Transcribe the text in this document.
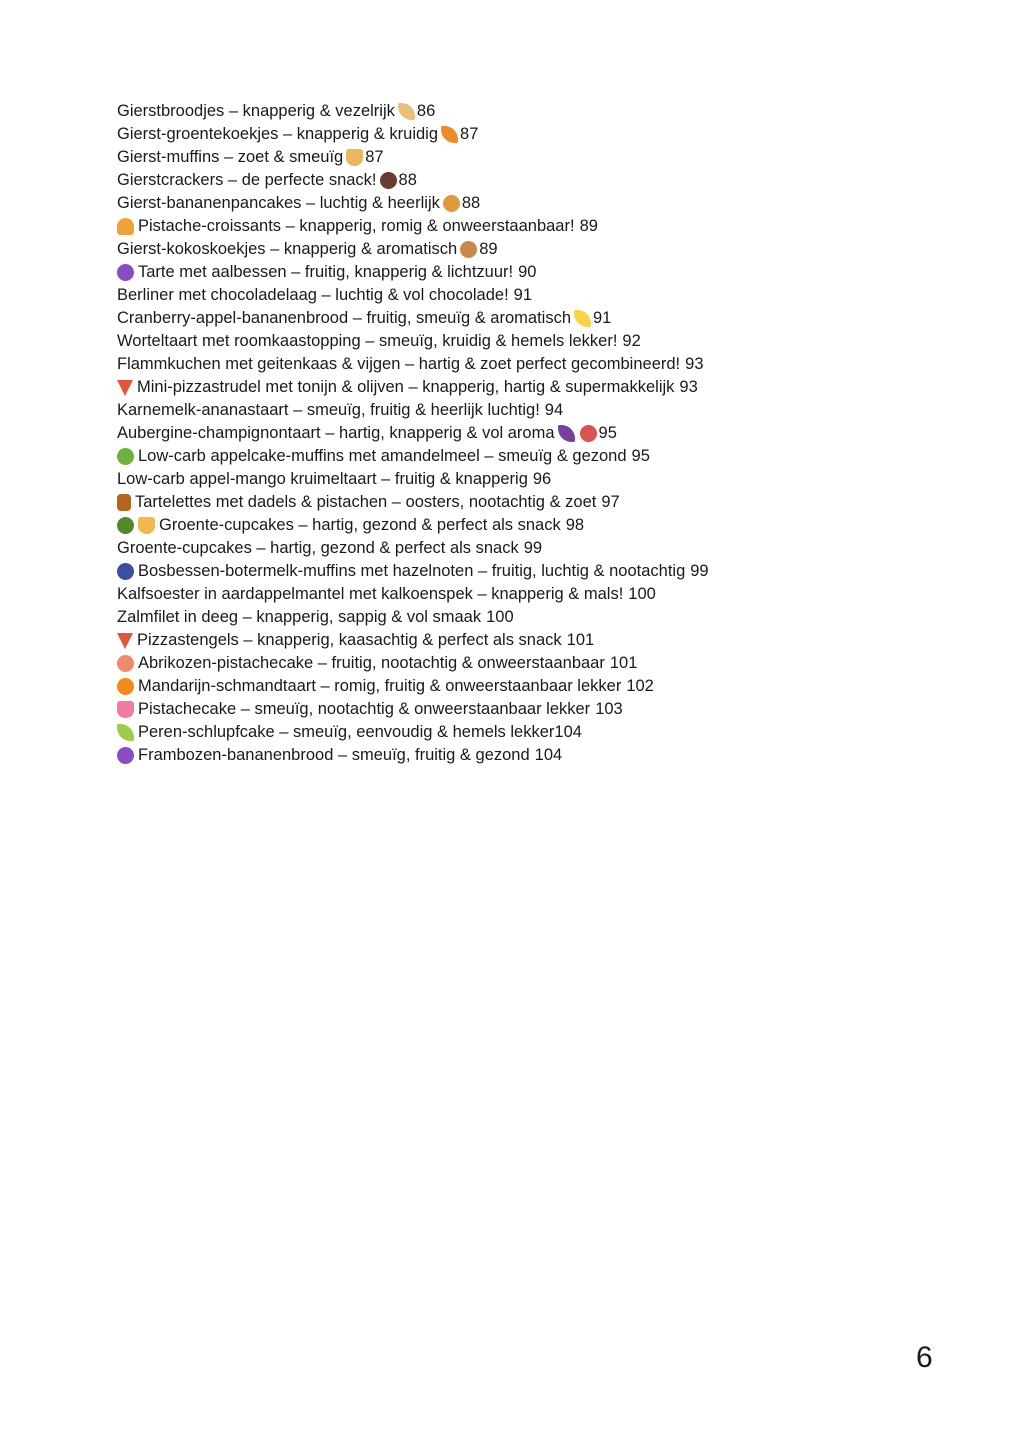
Gierstbroodjes – knapperig & vezelrijk 86
Gierst-groentekoekjes – knapperig & kruidig 87
Gierst-muffins – zoet & smeuïg 87
Gierstcrackers – de perfecte snack! 88
Gierst-bananenpancakes – luchtig & heerlijk 88
Pistache-croissants – knapperig, romig & onweerstaanbaar! 89
Gierst-kokoskoekjes – knapperig & aromatisch 89
Tarte met aalbessen – fruitig, knapperig & lichtzuur! 90
Berliner met chocoladelaag – luchtig & vol chocolade! 91
Cranberry-appel-bananenbrood – fruitig, smeuïg & aromatisch 91
Worteltaart met roomkaastopping – smeuïg, kruidig & hemels lekker! 92
Flammkuchen met geitenkaas & vijgen – hartig & zoet perfect gecombineerd! 93
Mini-pizzastrudel met tonijn & olijven – knapperig, hartig & supermakkelijk 93
Karnemelk-ananastaart – smeuïg, fruitig & heerlijk luchtig! 94
Aubergine-champignontaart – hartig, knapperig & vol aroma	95
Low-carb appelcake-muffins met amandelmeel – smeuïg & gezond 95
Low-carb appel-mango kruimeltaart – fruitig & knapperig 96
Tartelettes met dadels & pistachen – oosters, nootachtig & zoet 97
Groente-cupcakes – hartig, gezond & perfect als snack 98
Groente-cupcakes – hartig, gezond & perfect als snack 99
Bosbessen-botermelk-muffins met hazelnoten – fruitig, luchtig & nootachtig 99
Kalfsoester in aardappelmantel met kalkoenspek – knapperig & mals! 100
Zalmfilet in deeg – knapperig, sappig & vol smaak 100
Pizzastengels – knapperig, kaasachtig & perfect als snack 101
Abrikozen-pistachecake – fruitig, nootachtig & onweerstaanbaar 101
Mandarijn-schmandtaart – romig, fruitig & onweerstaanbaar lekker 102
Pistachecake – smeuïg, nootachtig & onweerstaanbaar lekker 103
Peren-schlupfcake – smeuïg, eenvoudig & hemels lekker 104
Frambozen-bananenbrood – smeuïg, fruitig & gezond 104
6
